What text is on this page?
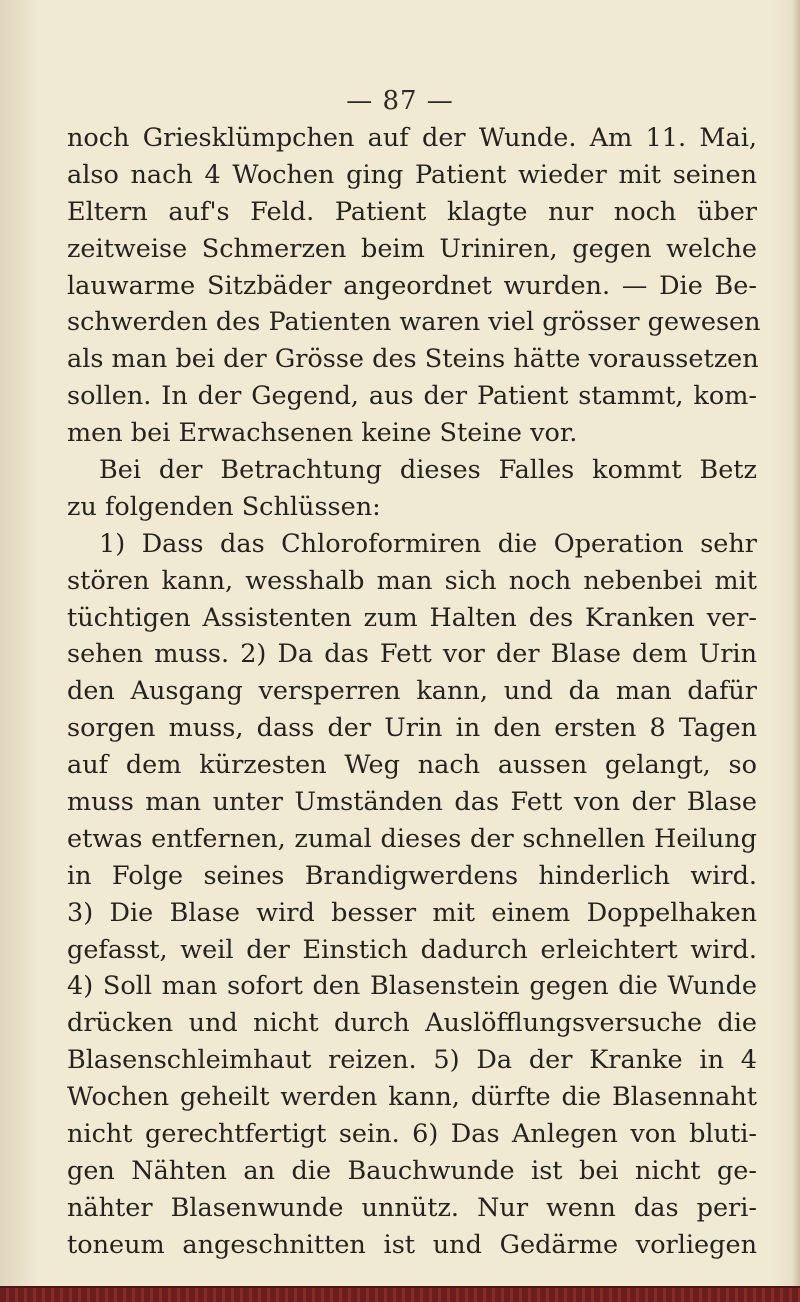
— 87 —
noch Griesklümpchen auf der Wunde. Am 11. Mai,
also nach 4 Wochen ging Patient wieder mit seinen
Eltern auf's Feld. Patient klagte nur noch über
zeitweise Schmerzen beim Uriniren, gegen welche
lauwarme Sitzbäder angeordnet wurden. — Die Be-
schwerden des Patienten waren viel grösser gewesen
als man bei der Grösse des Steins hätte voraussetzen
sollen. In der Gegend, aus der Patient stammt, kom-
men bei Erwachsenen keine Steine vor.
Bei der Betrachtung dieses Falles kommt Betz
zu folgenden Schlüssen:
1) Dass das Chloroformiren die Operation sehr
stören kann, wesshalb man sich noch nebenbei mit
tüchtigen Assistenten zum Halten des Kranken ver-
sehen muss. 2) Da das Fett vor der Blase dem Urin
den Ausgang versperren kann, und da man dafür
sorgen muss, dass der Urin in den ersten 8 Tagen
auf dem kürzesten Weg nach aussen gelangt, so
muss man unter Umständen das Fett von der Blase
etwas entfernen, zumal dieses der schnellen Heilung
in Folge seines Brandigwerdens hinderlich wird.
3) Die Blase wird besser mit einem Doppelhaken
gefasst, weil der Einstich dadurch erleichtert wird.
4) Soll man sofort den Blasenstein gegen die Wunde
drücken und nicht durch Auslöfflungsversuche die
Blasenschleimhaut reizen. 5) Da der Kranke in 4
Wochen geheilt werden kann, dürfte die Blasennaht
nicht gerechtfertigt sein. 6) Das Anlegen von bluti-
gen Nähten an die Bauchwunde ist bei nicht ge-
nähter Blasenwunde unnütz. Nur wenn das peri-
toneum angeschnitten ist und Gedärme vorliegen
